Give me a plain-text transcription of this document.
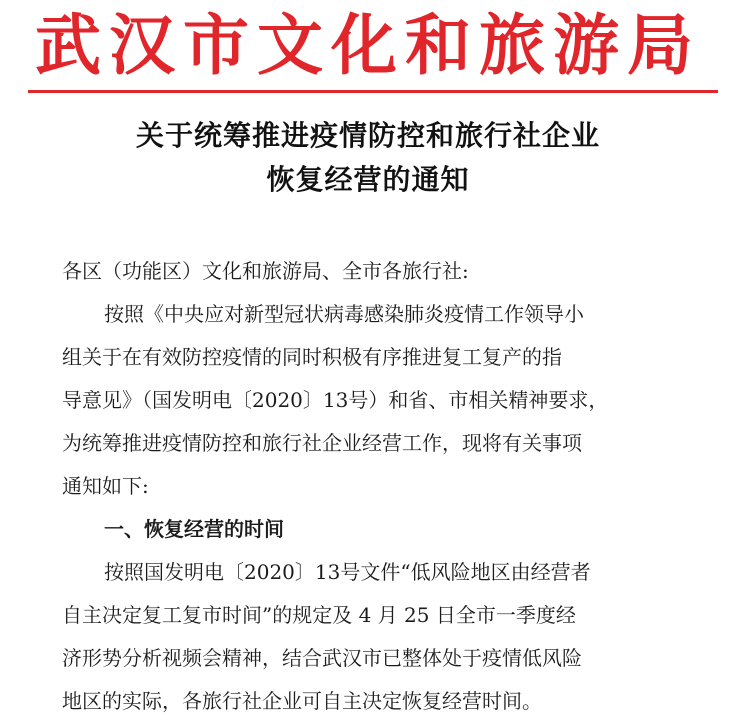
武汉市文化和旅游局
关于统筹推进疫情防控和旅行社企业
恢复经营的通知
各区（功能区）文化和旅游局、全市各旅行社:
按照《中央应对新型冠状病毒感染肺炎疫情工作领导小
组关于在有效防控疫情的同时积极有序推进复工复产的指
导意见》（国发明电〔2020〕13号）和省、市相关精神要求，
为统筹推进疫情防控和旅行社企业经营工作，现将有关事项
通知如下:
一、恢复经营的时间
按照国发明电〔2020〕13号文件“低风险地区由经营者
自主决定复工复市时间”的规定及 4 月 25 日全市一季度经
济形势分析视频会精神，结合武汉市已整体处于疫情低风险
地区的实际，各旅行社企业可自主决定恢复经营时间。
